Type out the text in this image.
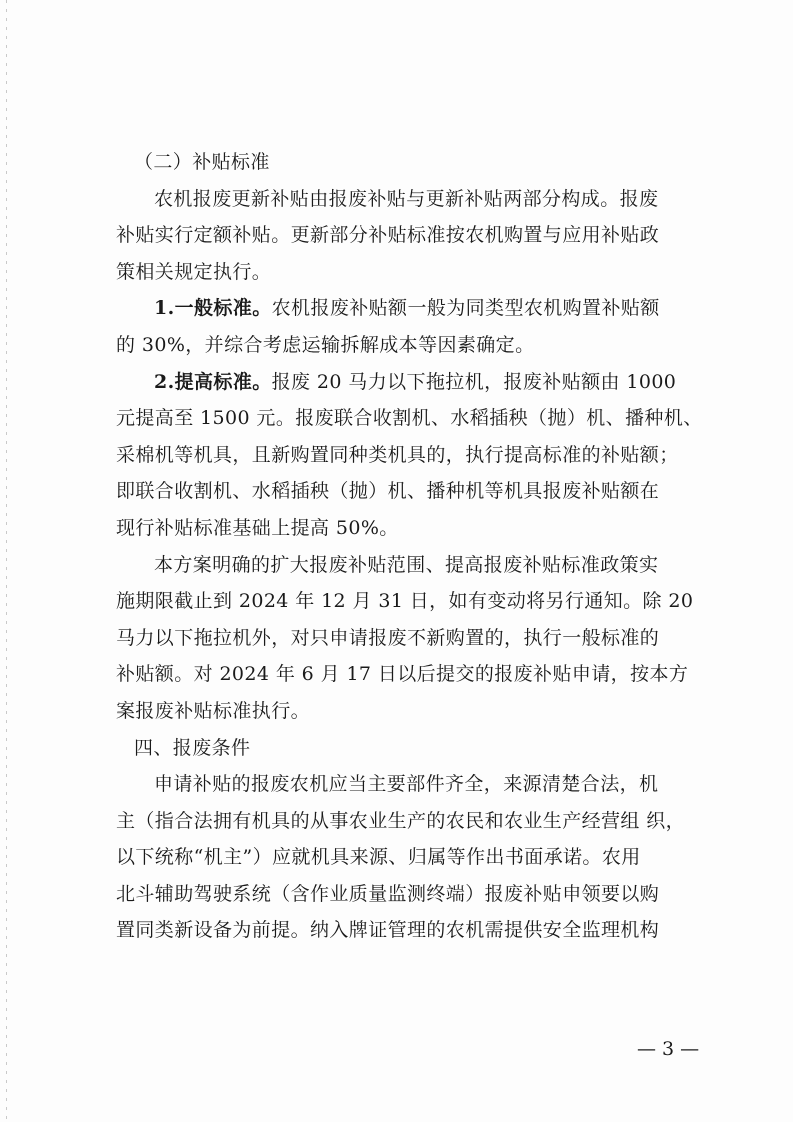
（二）补贴标准
农机报废更新补贴由报废补贴与更新补贴两部分构成。报废
补贴实行定额补贴。更新部分补贴标准按农机购置与应用补贴政
策相关规定执行。
1.一般标准。农机报废补贴额一般为同类型农机购置补贴额
的 30%，并综合考虑运输拆解成本等因素确定。
2.提高标准。报废 20 马力以下拖拉机，报废补贴额由 1000
元提高至 1500 元。报废联合收割机、水稻插秧（抛）机、播种机、
采棉机等机具，且新购置同种类机具的，执行提高标准的补贴额；
即联合收割机、水稻插秧（抛）机、播种机等机具报废补贴额在
现行补贴标准基础上提高 50%。
本方案明确的扩大报废补贴范围、提高报废补贴标准政策实
施期限截止到 2024 年 12 月 31 日，如有变动将另行通知。除 20
马力以下拖拉机外，对只申请报废不新购置的，执行一般标准的
补贴额。对 2024 年 6 月 17 日以后提交的报废补贴申请，按本方
案报废补贴标准执行。
四、报废条件
申请补贴的报废农机应当主要部件齐全，来源清楚合法，机
主（指合法拥有机具的从事农业生产的农民和农业生产经营组 织，
以下统称“机主”）应就机具来源、归属等作出书面承诺。农用
北斗辅助驾驶系统（含作业质量监测终端）报废补贴申领要以购
置同类新设备为前提。纳入牌证管理的农机需提供安全监理机构
— 3 —
